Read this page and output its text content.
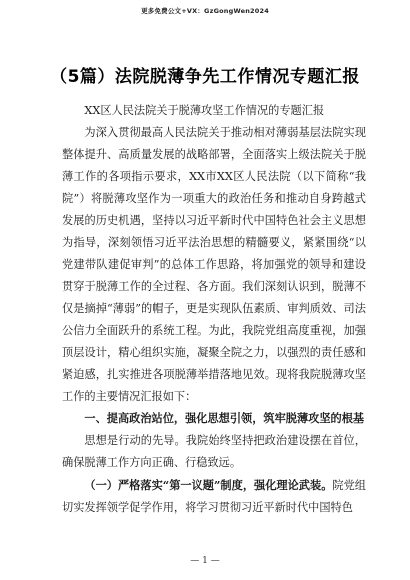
更多免费公文+VX：GzGongWen2024
（5篇）法院脱薄争先工作情况专题汇报

XX区人民法院关于脱薄攻坚工作情况的专题汇报

为深入贯彻最高人民法院关于推动相对薄弱基层法院实现整体提升、高质量发展的战略部署，全面落实上级法院关于脱薄工作的各项指示要求，XX市XX区人民法院（以下简称“我院”）将脱薄攻坚作为一项重大的政治任务和推动自身跨越式发展的历史机遇，坚持以习近平新时代中国特色社会主义思想为指导，深刻领悟习近平法治思想的精髓要义，紧紧围绕“以党建带队建促审判”的总体工作思路，将加强党的领导和建设贯穿于脱薄工作的全过程、各方面。我们深刻认识到，脱薄不仅是摘掉“薄弱”的帽子，更是实现队伍素质、审判质效、司法公信力全面跃升的系统工程。为此，我院党组高度重视，加强顶层设计，精心组织实施，凝聚全院之力，以强烈的责任感和紧迫感，扎实推进各项脱薄举措落地见效。现将我院脱薄攻坚工作的主要情况汇报如下：

一、提高政治站位，强化思想引领，筑牢脱薄攻坚的根基

思想是行动的先导。我院始终坚持把政治建设摆在首位，确保脱薄工作方向正确、行稳致远。

（一）严格落实“第一议题”制度，强化理论武装。院党组切实发挥领学促学作用，将学习贯彻习近平新时代中国特色

— 1 —
